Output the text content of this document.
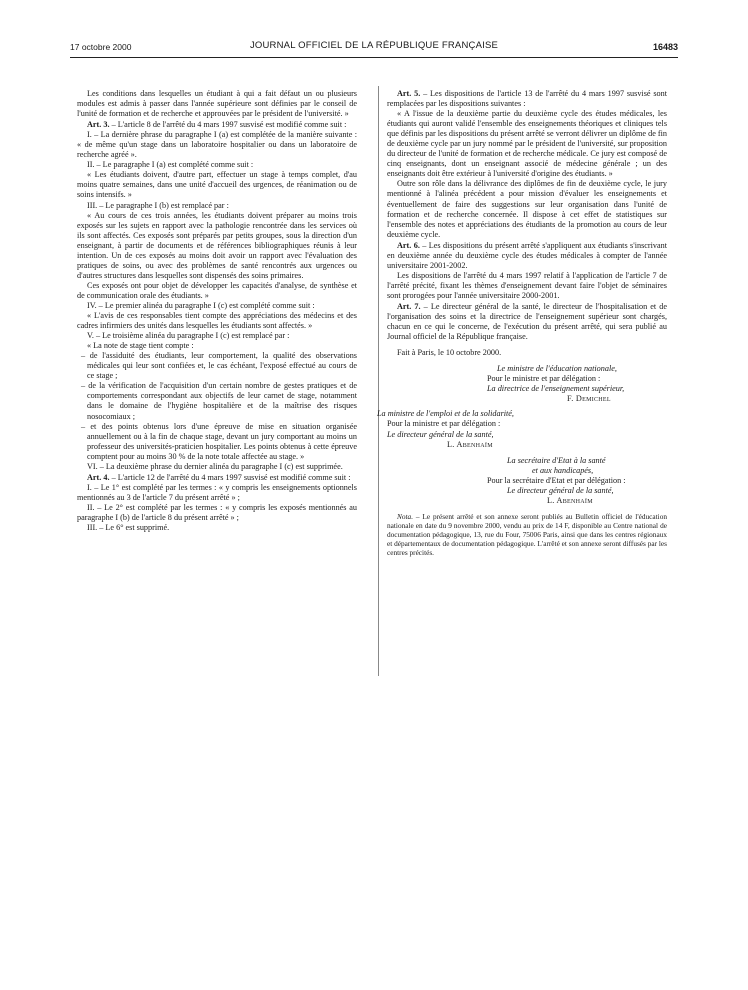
17 octobre 2000	JOURNAL OFFICIEL DE LA RÉPUBLIQUE FRANÇAISE	16483

Les conditions dans lesquelles un étudiant à qui a fait défaut un ou plusieurs modules est admis à passer dans l'année supérieure sont définies par le conseil de l'unité de formation et de recherche et approuvées par le président de l'université. »

Art. 3. – L'article 8 de l'arrêté du 4 mars 1997 susvisé est modifié comme suit :

I. – La dernière phrase du paragraphe I (a) est complétée de la manière suivante : « de même qu'un stage dans un laboratoire hospitalier ou dans un laboratoire de recherche agréé ».

II. – Le paragraphe I (a) est complété comme suit :

« Les étudiants doivent, d'autre part, effectuer un stage à temps complet, d'au moins quatre semaines, dans une unité d'accueil des urgences, de réanimation ou de soins intensifs. »

III. – Le paragraphe I (b) est remplacé par :

« Au cours de ces trois années, les étudiants doivent préparer au moins trois exposés sur les sujets en rapport avec la pathologie rencontrée dans les services où ils sont affectés. Ces exposés sont préparés par petits groupes, sous la direction d'un enseignant, à partir de documents et de références bibliographiques réunis à leur intention. Un de ces exposés au moins doit avoir un rapport avec l'évaluation des pratiques de soins, ou avec des problèmes de santé rencontrés aux urgences ou d'autres structures dans lesquelles sont dispensés des soins primaires.

Ces exposés ont pour objet de développer les capacités d'analyse, de synthèse et de communication orale des étudiants. »

IV. – Le premier alinéa du paragraphe I (c) est complété comme suit :

« L'avis de ces responsables tient compte des appréciations des médecins et des cadres infirmiers des unités dans lesquelles les étudiants sont affectés. »

V. – Le troisième alinéa du paragraphe I (c) est remplacé par :

« La note de stage tient compte :

– de l'assiduité des étudiants, leur comportement, la qualité des observations médicales qui leur sont confiées et, le cas échéant, l'exposé effectué au cours de ce stage ;

– de la vérification de l'acquisition d'un certain nombre de gestes pratiques et de comportements correspondant aux objectifs de leur carnet de stage, notamment dans le domaine de l'hygiène hospitalière et de la maîtrise des risques nosocomiaux ;

– et des points obtenus lors d'une épreuve de mise en situation organisée annuellement ou à la fin de chaque stage, devant un jury comportant au moins un professeur des universités-praticien hospitalier. Les points obtenus à cette épreuve comptent pour au moins 30 % de la note totale affectée au stage. »

VI. – La deuxième phrase du dernier alinéa du paragraphe I (c) est supprimée.

Art. 4. – L'article 12 de l'arrêté du 4 mars 1997 susvisé est modifié comme suit :

I. – Le 1° est complété par les termes : « y compris les enseignements optionnels mentionnés au 3 de l'article 7 du présent arrêté » ;

II. – Le 2° est complété par les termes : « y compris les exposés mentionnés au paragraphe I (b) de l'article 8 du présent arrêté » ;

III. – Le 6° est supprimé.

Art. 5. – Les dispositions de l'article 13 de l'arrêté du 4 mars 1997 susvisé sont remplacées par les dispositions suivantes :

« A l'issue de la deuxième partie du deuxième cycle des études médicales, les étudiants qui auront validé l'ensemble des enseignements théoriques et cliniques tels que définis par les dispositions du présent arrêté se verront délivrer un diplôme de fin de deuxième cycle par un jury nommé par le président de l'université, sur proposition du directeur de l'unité de formation et de recherche médicale. Ce jury est composé de cinq enseignants, dont un enseignant associé de médecine générale ; un des enseignants doit être extérieur à l'université d'origine des étudiants. »

Outre son rôle dans la délivrance des diplômes de fin de deuxième cycle, le jury mentionné à l'alinéa précédent a pour mission d'évaluer les enseignements et éventuellement de faire des suggestions sur leur organisation dans l'unité de formation et de recherche concernée. Il dispose à cet effet de statistiques sur l'ensemble des notes et appréciations des étudiants de la promotion au cours de leur deuxième cycle.

Art. 6. – Les dispositions du présent arrêté s'appliquent aux étudiants s'inscrivant en deuxième année du deuxième cycle des études médicales à compter de l'année universitaire 2001-2002.

Les dispositions de l'arrêté du 4 mars 1997 relatif à l'application de l'article 7 de l'arrêté précité, fixant les thèmes d'enseignement devant faire l'objet de séminaires sont prorogées pour l'année universitaire 2000-2001.

Art. 7. – Le directeur général de la santé, le directeur de l'hospitalisation et de l'organisation des soins et la directrice de l'enseignement supérieur sont chargés, chacun en ce qui le concerne, de l'exécution du présent arrêté, qui sera publié au Journal officiel de la République française.

Fait à Paris, le 10 octobre 2000.

Le ministre de l'éducation nationale,
Pour le ministre et par délégation :
La directrice de l'enseignement supérieur,
F. Demichel
La ministre de l'emploi et de la solidarité,
Pour la ministre et par délégation :
Le directeur général de la santé,
L. Abenhaïm
La secrétaire d'Etat à la santé
et aux handicapés,
Pour la secrétaire d'Etat et par délégation :
Le directeur général de la santé,
L. Abenhaïm

Nota. – Le présent arrêté et son annexe seront publiés au Bulletin officiel de l'éducation nationale en date du 9 novembre 2000, vendu au prix de 14 F, disponible au Centre national de documentation pédagogique, 13, rue du Four, 75006 Paris, ainsi que dans les centres régionaux et départementaux de documentation pédagogique. L'arrêté et son annexe seront diffusés par les centres précités.
